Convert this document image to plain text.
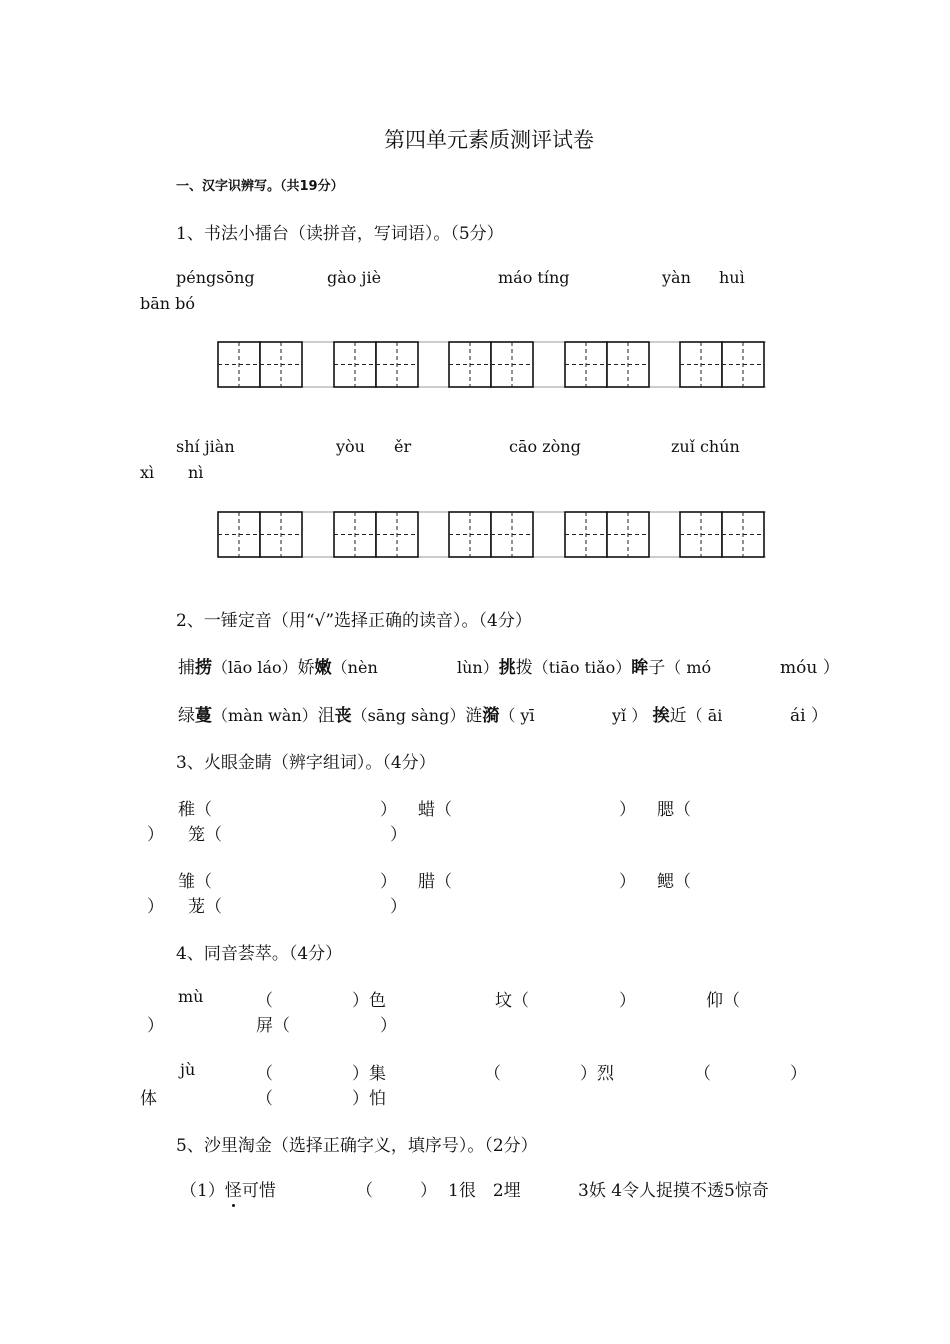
第四单元素质测评试卷
一、汉字识辨写。（共19分）
1、书法小擂台（读拼音，写词语）。（5分）
péngsōng	gào jiè	máo tíng	yàn huì
bān bó
shí jiàn	yòu ěr	cāo zòng	zuǐ chún
xì nì
2、一锤定音（用“√”选择正确的读音）。（4分）
捕捞（lāo láo）娇嫩（nèn	lùn）挑拨（tiāo tiǎo）眸子（ mó	móu ）
绿蔓（màn wàn）沮丧（sāng sàng）涟漪（ yī	yǐ ） 挨近（ āi	ái ）
3、火眼金睛（辨字组词）。（4分）
稚（	） 蜡（	） 腮（
） 笼（	）
雏（	） 腊（	） 鳃（
） 茏（	）
4、同音荟萃。（4分）
mù	（	）色	坟（	）	仰（
）	屏（	）
jù	（	）集	（	）烈	（	）
体	（	）怕
5、沙里淘金（选择正确字义，填序号）。（2分）
（1）怪可惜	（	） 1很　2埋	3妖 4令人捉摸不透5惊奇
